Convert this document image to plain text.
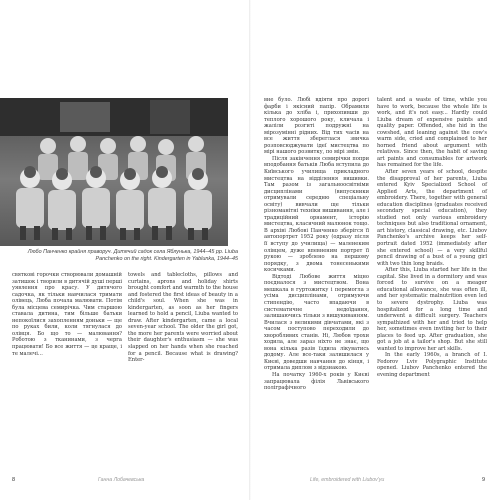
Любо Панченко крайня праворуч. Дитячий садок села Яблунька, 1944–45 рр. Liuba Panchenko on the right. Kindergarten in Yablunka, 1944–45

святкові горочки створювали домашній затишок і творили в дитячій душі перші уявлення про красу. У дитячого садочка, як тільки навчилася тримати олівець, Люба почала малювати. Потім була місцева семирічка. Чим старшою ставала дитина, тим більше батьки непокоїлися захопленням доньки — ще по руках били, коли тягнулася до олівця. Бо що то — малювання? Роботою з тканинами, з черга працювати! Бо все життя — це краще, і те малечі...

towels and tablecloths, pillows and curtains, aprons and holiday shirts brought comfort and warmth to the house and fostered the first ideas of beauty in a child's soul. When she was in kindergarten, as soon as her fingers learned to hold a pencil, Liuba wanted to draw. After kindergarten, came a local seven-year school. The older the girl got, the more her parents were worried about their daughter's enthusiasm — she was slapped on her hands when she reached for a pencil. Because what is drawing? Enter-

8	Ганна Лобачевська

вне було. Любі вдіяти про дорогі фарби і якісний папір. Обрамили кілька до хліба і, прихопивши до теплого хорошого року, кличала і жаліли розгиті подружні на мірозумінні рідних. Від тих часів на все життя збереглася звичка розповсюджувати ідеї мистецтва по мірі нашого розвитку, по мірі змін.

Після закінчення семирічки попри вподобання батьків Люба вступила до Київського училища прикладного мистецтва на відділення вишивки. Там разом із загальноосвітніми дисциплінами (випускники отримували середню спеціальну освіту) вивчали ще тільки різноманітні техніки вишивання, але і традиційний орнамент, історію мистецтва, класичний малюнок тощо. В архіві Любові Панченко зберігся її автопортрет 1952 року (одразу після її вступу до училища) — маленеким олівцем, дуже впевненим портрет її рукою — зроблено на першому порядку, з двома тонесенькими косичками.

Відтоді Любове життя міцно поєдналося з мистецтвом. Вона мешкала в гуртожитку і перемогла з усіма дисциплінами, отримуючи стипендію, часто впадаючи в систематичне недоїдання, залишаючись тільки з вишукиванням. Вчилася з великими дівчатами, які з часом поступово переходили до хворобливих станів. Ні, Любов трохи ходила, але зараз ніхто не знає, що вона кілька разів їздила лікуватись додому. Але все-таки залишилася у Києві, доведши навчання до кінця, і отримала диплом з відзнакою.

На початку 1960-х років у Києві запрацювала філія Львівського поліграфічного

talent and a waste of time, while you have to work, because the whole life is work, and it's not easy... Hardly could Liuba dream of expensive paints and quality paper. Offended, she hid in the cowshed, and leaning against the cow's warm side, cried and complained to her horned friend about argument with relatives. Since then, the habit of saving art paints and consumables for artwork has remained for the life.

After seven years of school, despite the disapproval of her parents, Liuba entered Kyiv Specialized School of Applied Arts, the department of embroidery. There, together with general education disciplines (graduates received secondary special education), they studied not only various embroidery techniques but also traditional ornament, art history, classical drawing, etc. Liubov Panchenko's archive keeps her self-portrait dated 1952 (immediately after she entered school) — a very skillful pencil drawing of a bust of a young girl with two thin long braids.

After this, Liuba started her life in the capital. She lived in a dormitory and was forced to survive on a meager educational allowance, she was often ill, and her systematic malnutrition even led to severe dystrophy. Liuba was hospitalized for a long time and underwent a difficult surgery. Teachers sympathized with her and tried to help her, sometimes even inviting her to their places to feed up. After graduation, she got a job at a tailor's shop. But she still wanted to improve her art skills.

In the early 1960s, a branch of I. Fedorov Lviv Polygraphic Institute opened. Liubov Panchenko entered the evening department

Life, embroidered with Liubov'yu	9
